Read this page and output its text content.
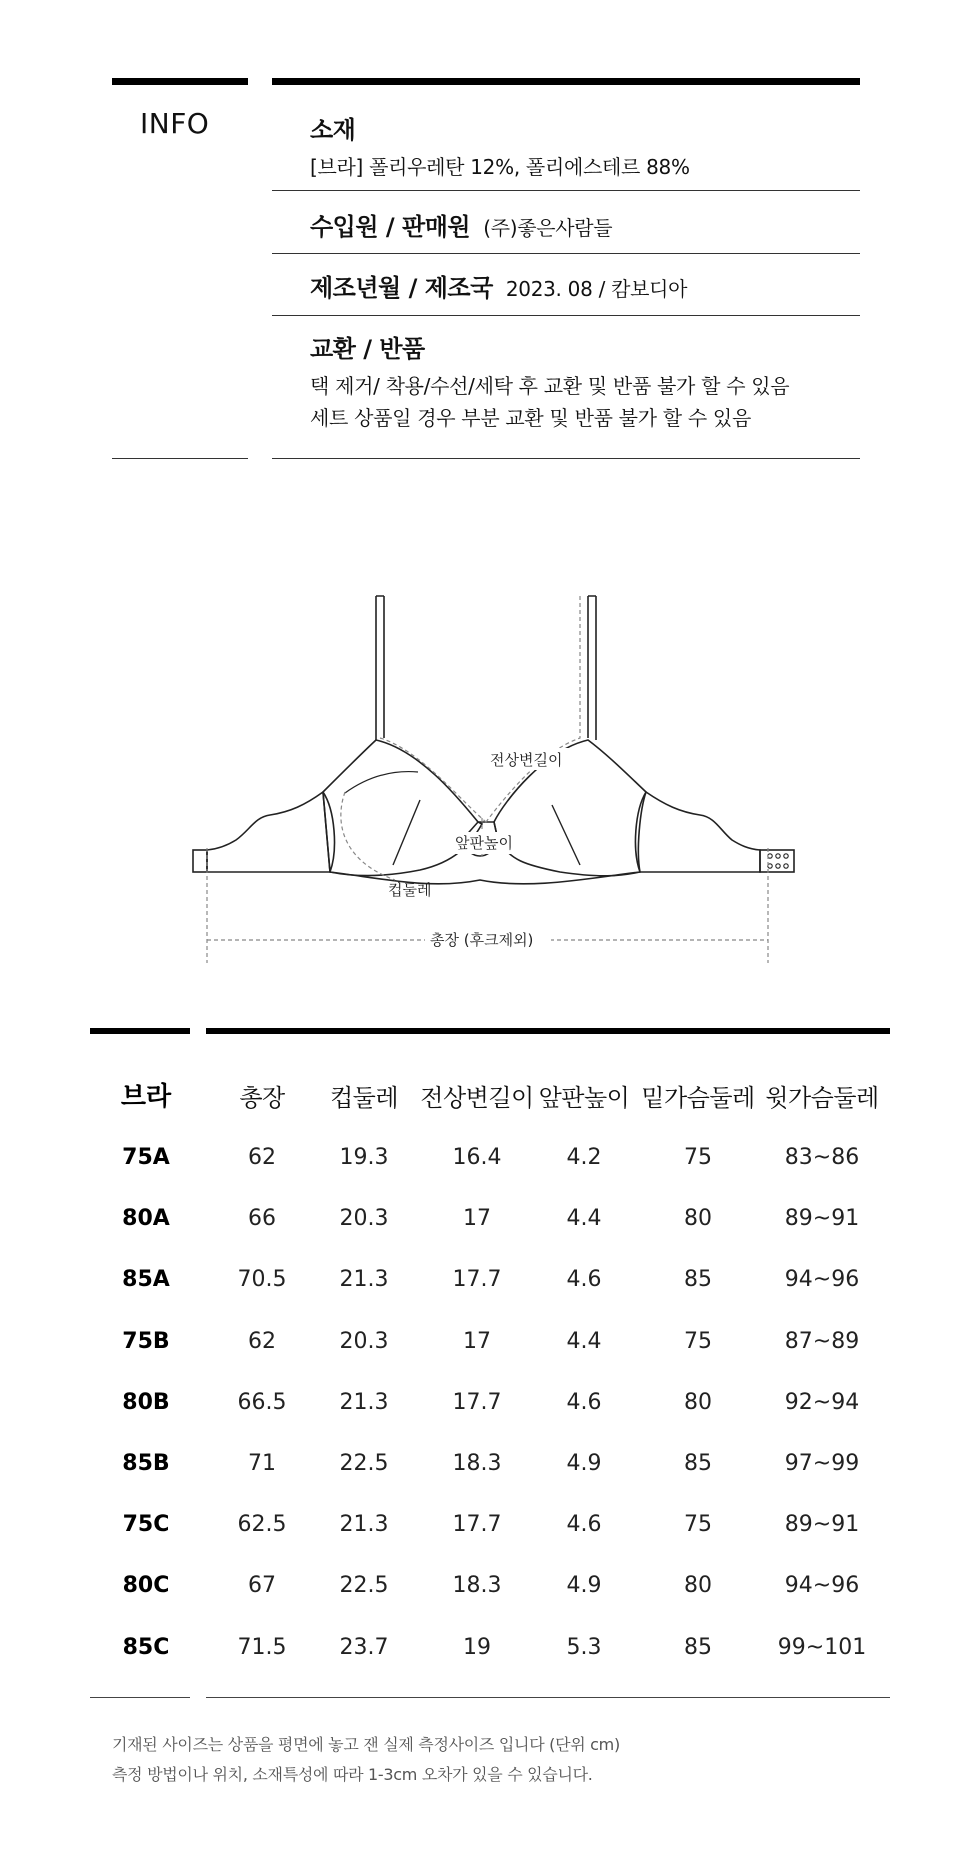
INFO	소재
[브라] 폴리우레탄 12%, 폴리에스테르 88%
수입원 / 판매원 (주)좋은사람들
제조년월 / 제조국 2023. 08 / 캄보디아
교환 / 반품
택 제거/ 착용/수선/세탁 후 교환 및 반품 불가 할 수 있음
세트 상품일 경우 부분 교환 및 반품 불가 할 수 있음
전상변길이
앞판높이
컵둘레
총장 (후크제외)
브라	총장 컵둘레 전상변길이 앞판높이 밑가슴둘레 윗가슴둘레
75A	62	19.3	16.4	4.2	75	83~86
80A	66	20.3	17	4.4	80	89~91
85A	70.5 21.3	17.7	4.6	85	94~96
75B	62	20.3	17	4.4	75	87~89
80B	66.5 21.3	17.7	4.6	80	92~94
85B	71	22.5	18.3	4.9	85	97~99
75C	62.5 21.3	17.7	4.6	75	89~91
80C	67	22.5	18.3	4.9	80	94~96
85C	71.5 23.7	19	5.3	85	99~101
기재된 사이즈는 상품을 평면에 놓고 잰 실제 측정사이즈 입니다 (단위 cm)
측정 방법이나 위치, 소재특성에 따라 1-3cm 오차가 있을 수 있습니다.
